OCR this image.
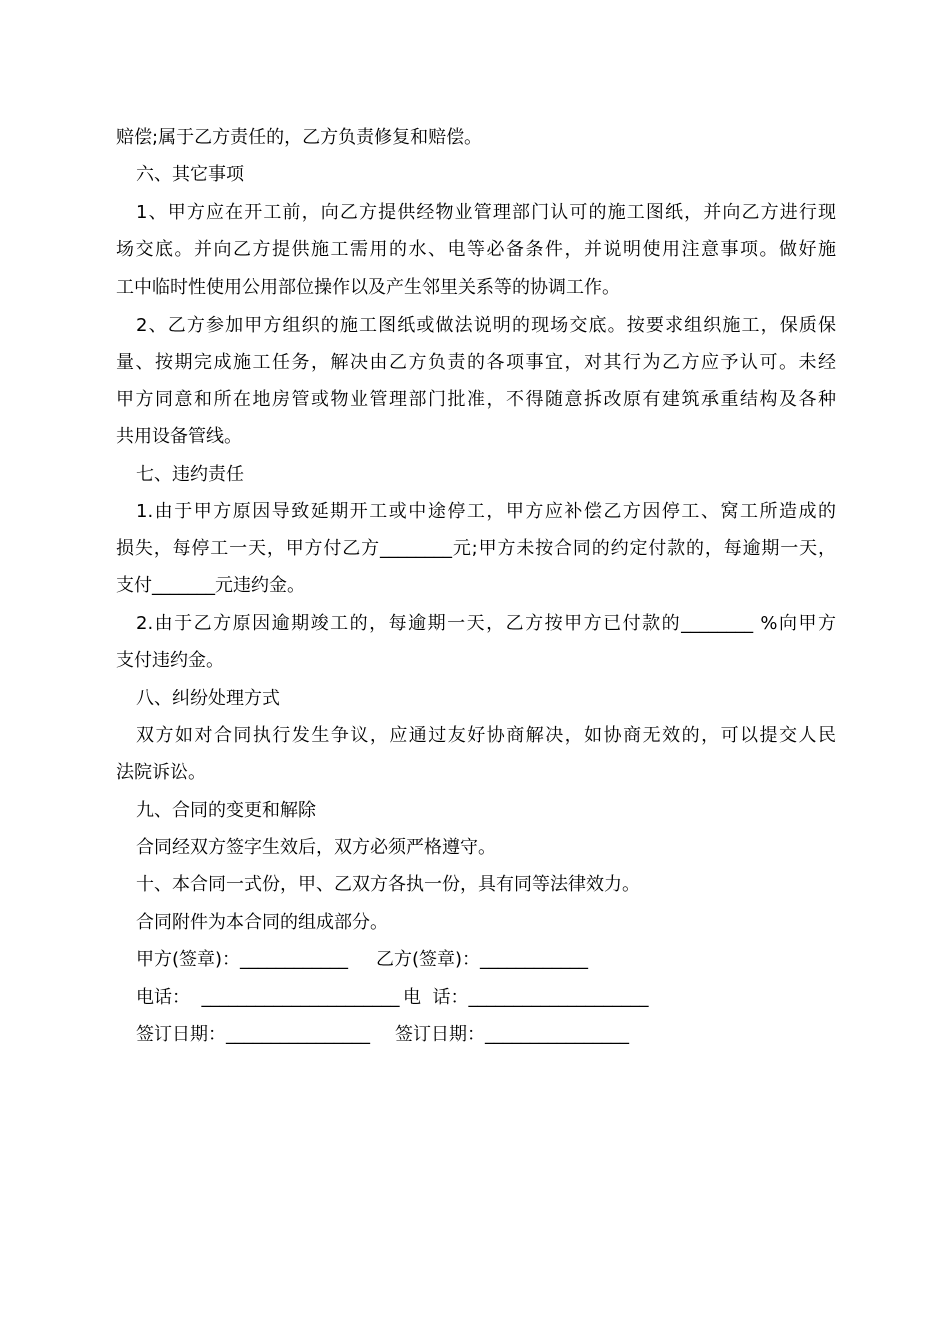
赔偿;属于乙方责任的，乙方负责修复和赔偿。
六、其它事项
1、甲方应在开工前，向乙方提供经物业管理部门认可的施工图纸，并向乙方进行现
场交底。并向乙方提供施工需用的水、电等必备条件，并说明使用注意事项。做好施
工中临时性使用公用部位操作以及产生邻里关系等的协调工作。
2、乙方参加甲方组织的施工图纸或做法说明的现场交底。按要求组织施工，保质保
量、按期完成施工任务，解决由乙方负责的各项事宜，对其行为乙方应予认可。未经
甲方同意和所在地房管或物业管理部门批准，不得随意拆改原有建筑承重结构及各种
共用设备管线。
七、违约责任
1.由于甲方原因导致延期开工或中途停工，甲方应补偿乙方因停工、窝工所造成的
损失，每停工一天，甲方付乙方________元;甲方未按合同的约定付款的，每逾期一天，
支付_______元违约金。
2.由于乙方原因逾期竣工的，每逾期一天，乙方按甲方已付款的________ %向甲方
支付违约金。
八、纠纷处理方式
双方如对合同执行发生争议，应通过友好协商解决，如协商无效的，可以提交人民
法院诉讼。
九、合同的变更和解除
合同经双方签字生效后，双方必须严格遵守。
十、本合同一式份，甲、乙双方各执一份，具有同等法律效力。
合同附件为本合同的组成部分。
甲方(签章)：____________ 乙方(签章)：____________
电话：  ______________________ 电  话：____________________
签订日期：________________ 签订日期：________________
